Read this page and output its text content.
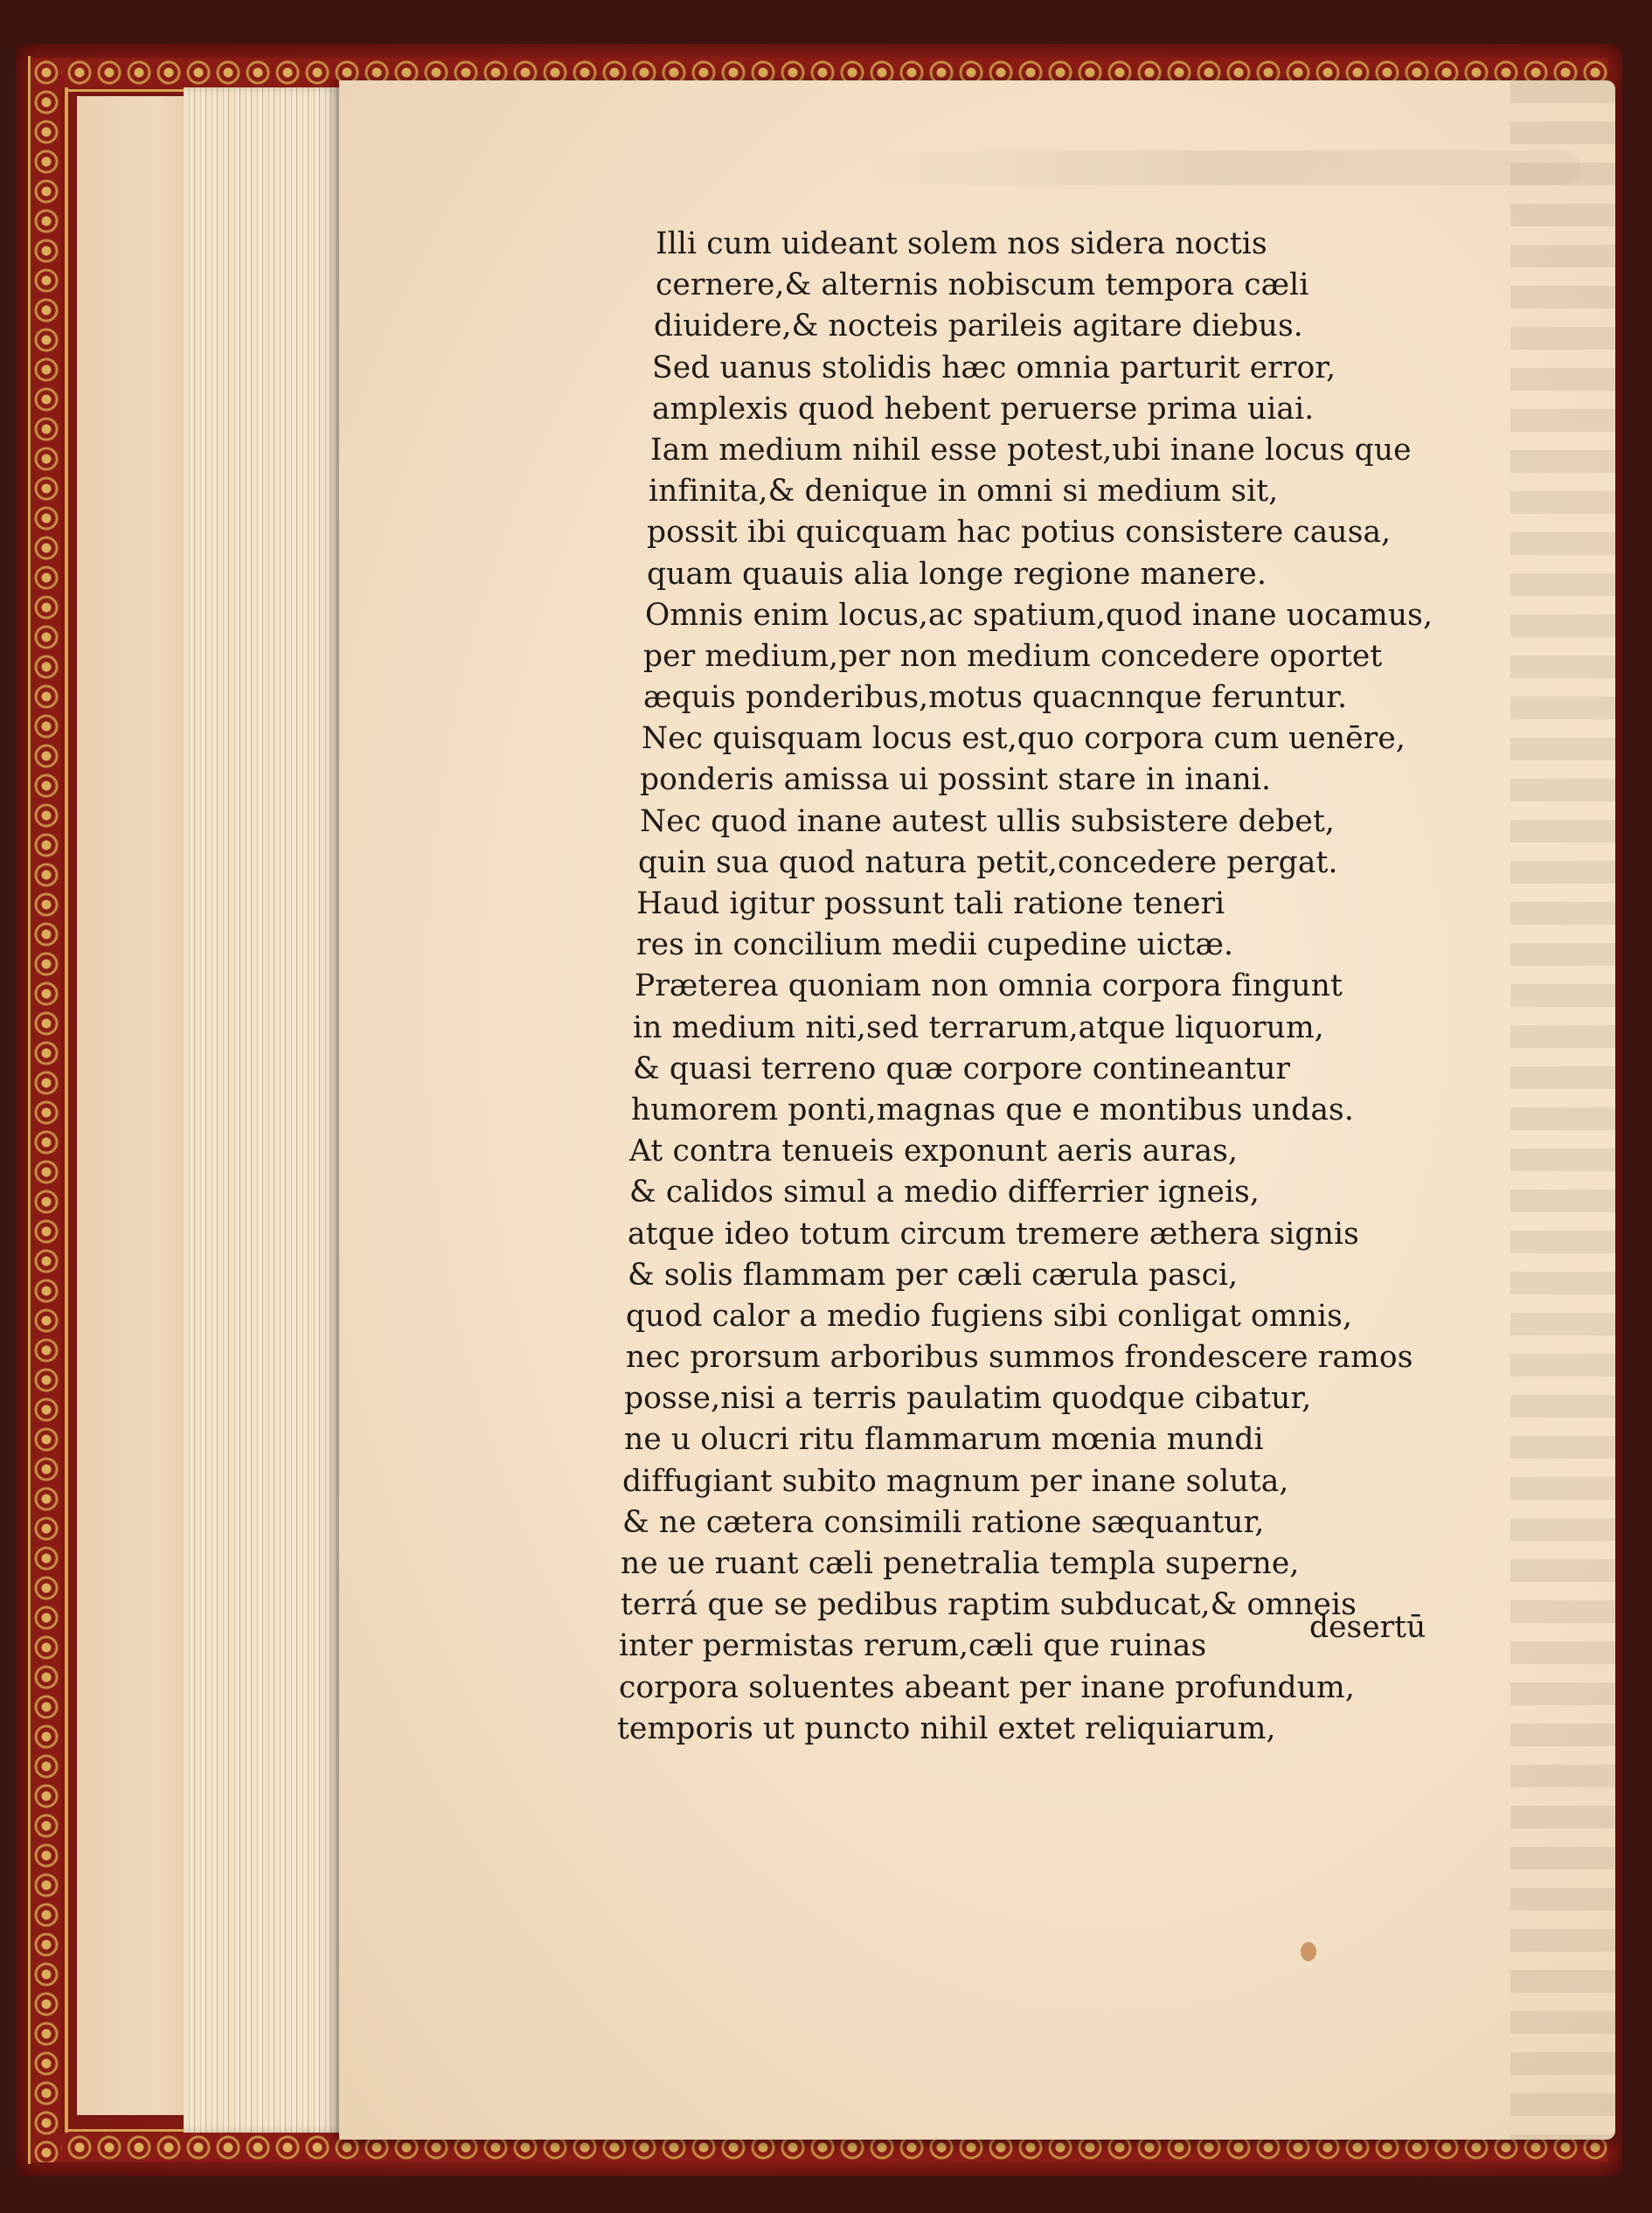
Illi cum uideant solem nos sidera noctis
cernere,& alternis nobiscum tempora cæli
diuidere,& nocteis parileis agitare diebus.
Sed uanus stolidis hæc omnia parturit error,
amplexis quod hebent peruerse prima uiai.
Iam medium nihil esse potest,ubi inane locus que
infinita,& denique in omni si medium sit,
possit ibi quicquam hac potius consistere causa,
quam quauis alia longe regione manere.
Omnis enim locus,ac spatium,quod inane uocamus,
per medium,per non medium concedere oportet
æquis ponderibus,motus quacnnque feruntur.
Nec quisquam locus est,quo corpora cum uenēre,
ponderis amissa ui possint stare in inani.
Nec quod inane autest ullis subsistere debet,
quin sua quod natura petit,concedere pergat.
Haud igitur possunt tali ratione teneri
res in concilium medii cupedine uictæ.
Præterea quoniam non omnia corpora fingunt
in medium niti,sed terrarum,atque liquorum,
& quasi terreno quæ corpore contineantur
humorem ponti,magnas que e montibus undas.
At contra tenueis exponunt aeris auras,
& calidos simul a medio differrier igneis,
atque ideo totum circum tremere æthera signis
& solis flammam per cæli cærula pasci,
quod calor a medio fugiens sibi conligat omnis,
nec prorsum arboribus summos frondescere ramos
posse,nisi a terris paulatim quodque cibatur,
ne u olucri ritu flammarum mœnia mundi
diffugiant subito magnum per inane soluta,
& ne cætera consimili ratione sæquantur,
ne ue ruant cæli penetralia templa superne,
terrá que se pedibus raptim subducat,& omneis
inter permistas rerum,cæli que ruinas
corpora soluentes abeant per inane profundum,
temporis ut puncto nihil extet reliquiarum,
desertū
